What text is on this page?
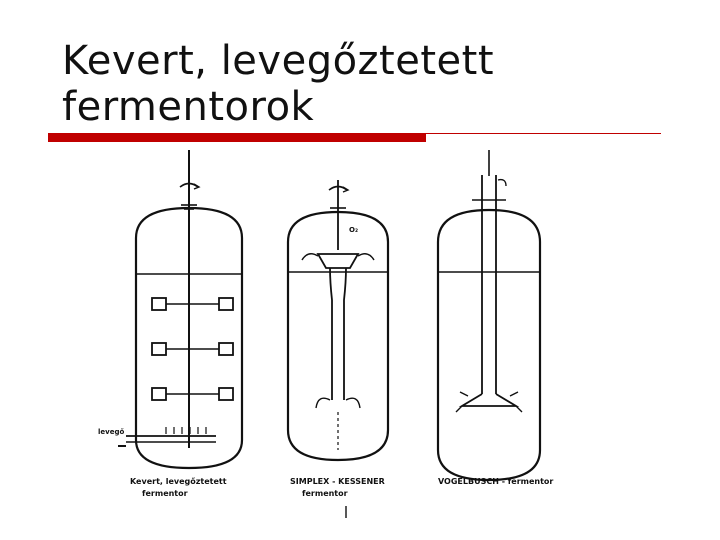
Kevert, levegőztetett
fermentorok
levegő
O₂
Kevert, levegőztetett
fermentor
SIMPLEX - KESSENER
fermentor
VOGELBUSCH - fermentor
